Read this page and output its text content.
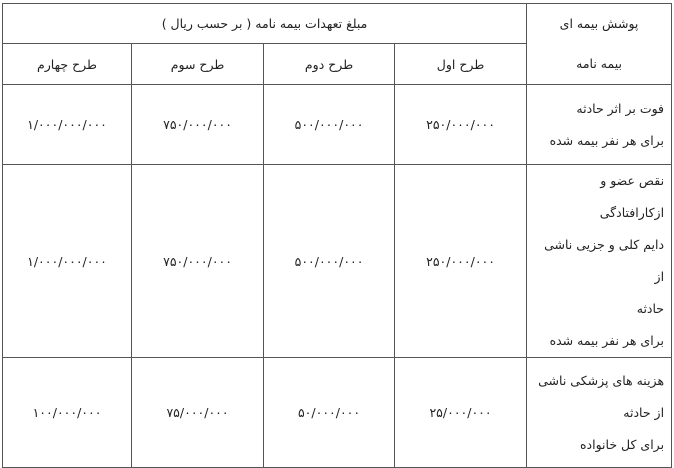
پوشش بیمه ای
بیمه نامه	مبلغ تعهدات بیمه نامه ( بر حسب ریال )			
	طرح اول	طرح دوم	طرح سوم	طرح چهارم

فوت بر اثر حادثه
برای هر نفر بیمه شده	۲۵۰/۰۰۰/۰۰۰	۵۰۰/۰۰۰/۰۰۰	۷۵۰/۰۰۰/۰۰۰	۱/۰۰۰/۰۰۰/۰۰۰

نقص عضو و ازکارافتادگی
دایم کلی و جزیی ناشی از
حادثه
برای هر نفر بیمه شده	۲۵۰/۰۰۰/۰۰۰	۵۰۰/۰۰۰/۰۰۰	۷۵۰/۰۰۰/۰۰۰	۱/۰۰۰/۰۰۰/۰۰۰

هزینه های پزشکی ناشی
از حادثه
برای کل خانواده	۲۵/۰۰۰/۰۰۰	۵۰/۰۰۰/۰۰۰	۷۵/۰۰۰/۰۰۰	۱۰۰/۰۰۰/۰۰۰
